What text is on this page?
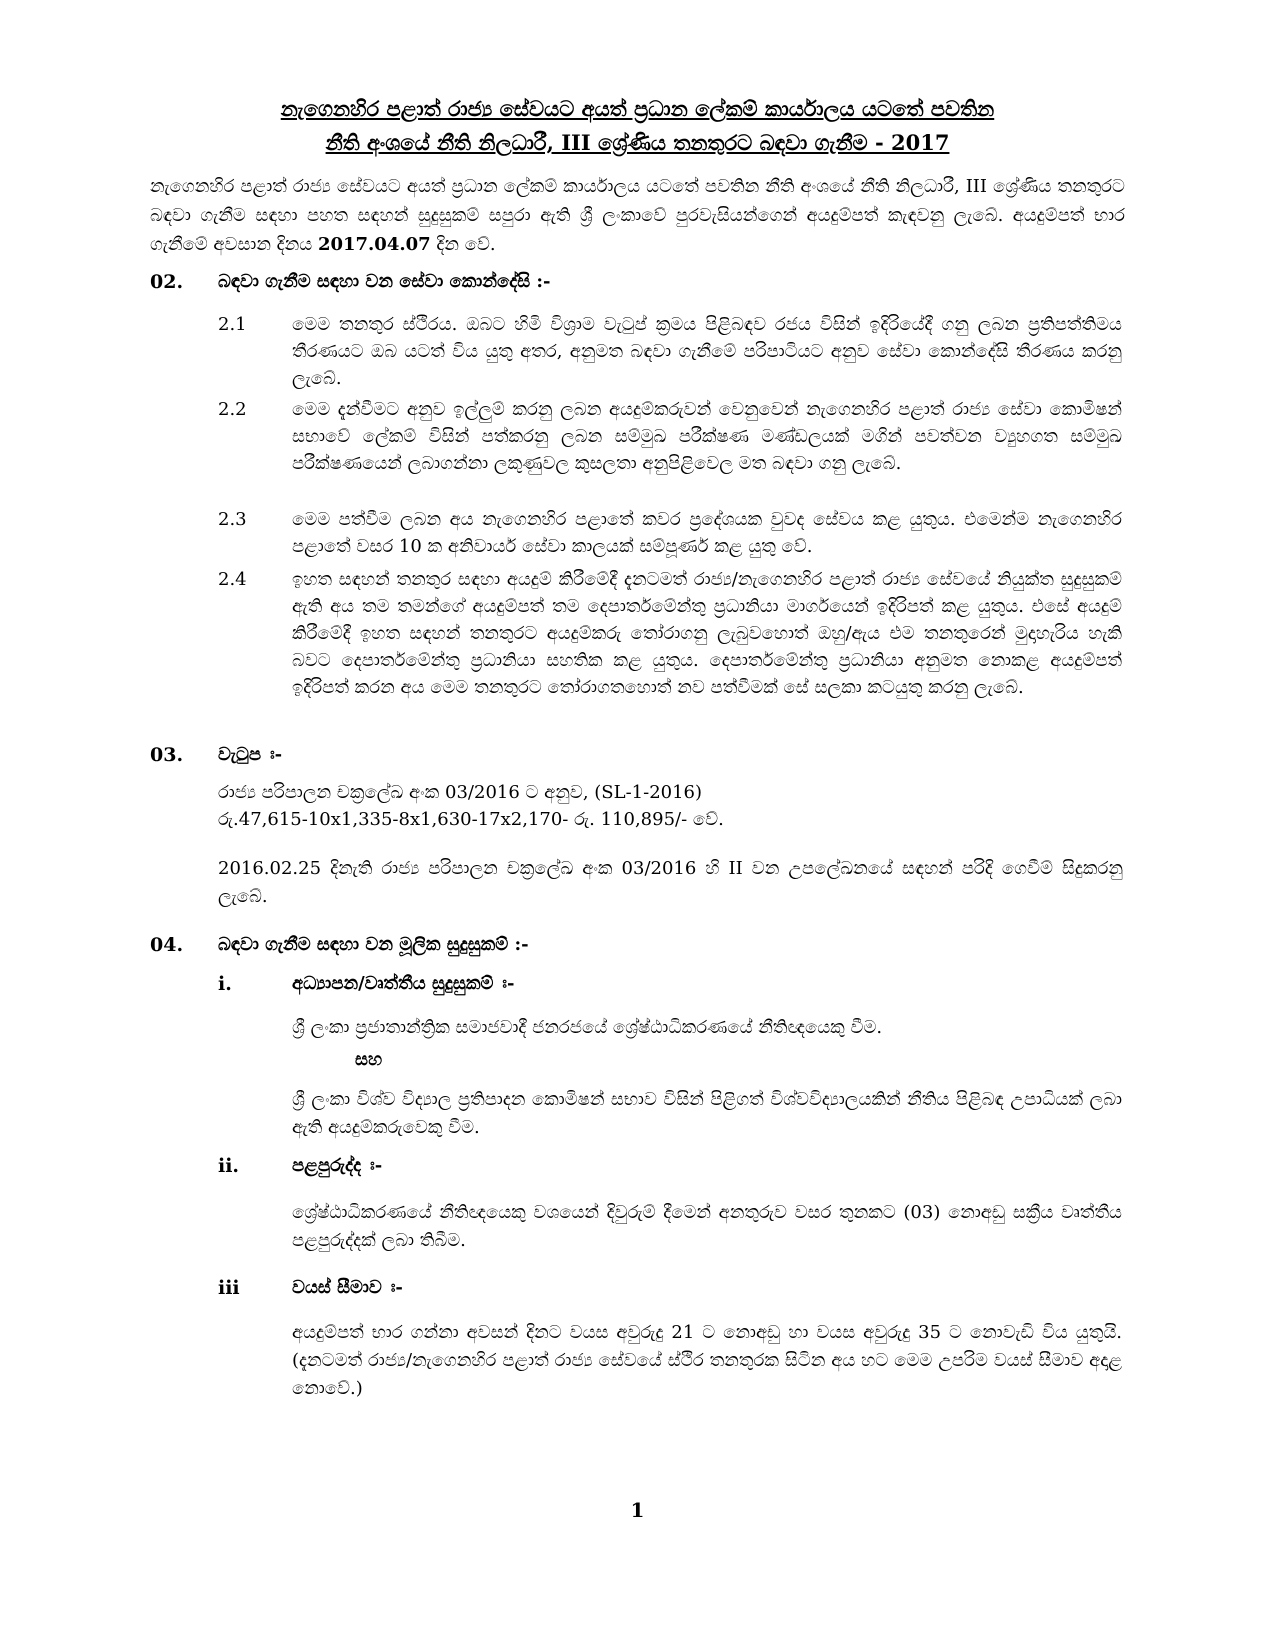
නැගෙනහිර පළාත් රාජ්‍ය සේවයට අයත් ප්‍රධාන ලේකම් කාර්යාලය යටතේ පවතින
නීති අංශයේ නීති නිලධාරී, III ශ්‍රේණිය තනතුරට බඳවා ගැනීම - 2017
නැගෙනහිර පළාත් රාජ්‍ය සේවයට අයත් ප්‍රධාන ලේකම් කාර්යාලය යටතේ පවතින නීති අංශයේ නීති නිලධාරී, III ශ්‍රේණිය තනතුරට බඳවා ගැනීම සඳහා පහත සඳහන් සුදුසුකම් සපුරා ඇති ශ්‍රී ලංකාවේ පුරවැසියන්ගෙන් අයදුම්පත් කැඳවනු ලැබේ. අයදුම්පත් භාර ගැනීමේ අවසාන දිනය 2017.04.07 දින වේ.
02. බඳවා ගැනීම සඳහා වන සේවා කොන්දේසි :-
2.1	මෙම තනතුර ස්ථිරය. ඔබට හිමි විශ්‍රාම වැටුප් ක්‍රමය පිළිබඳව රජය විසින් ඉදිරියේදී ගනු ලබන ප්‍රතිපත්තිමය තීරණයට ඔබ යටත් විය යුතු අතර, අනුමත බඳවා ගැනීමේ පරිපාටියට අනුව සේවා කොන්දේසි තීරණය කරනු ලැබේ.
2.2	මෙම දැන්වීමට අනුව ඉල්ලුම් කරනු ලබන අයදුම්කරුවන් වෙනුවෙන් නැගෙනහිර පළාත් රාජ්‍ය සේවා කොමිෂන් සභාවේ ලේකම් විසින් පත්කරනු ලබන සම්මුඛ පරීක්ෂණ මණ්ඩලයක් මගින් පවත්වන ව්‍යුහගත සම්මුඛ පරීක්ෂණයෙන් ලබාගන්නා ලකුණුවල කුසලතා අනුපිළිවෙල මත බඳවා ගනු ලැබේ.
2.3	මෙම පත්වීම ලබන අය නැගෙනහිර පළාතේ කවර ප්‍රදේශයක වුවද සේවය කළ යුතුය. එමෙන්ම නැගෙනහිර පළාතේ වසර 10 ක අනිවාර්ය සේවා කාලයක් සම්පූර්ණ කළ යුතු වේ.
2.4	ඉහත සඳහන් තනතුර සඳහා අයදුම් කිරීමේදී දැනටමත් රාජ්‍ය/නැගෙනහිර පළාත් රාජ්‍ය සේවයේ නියුක්ත සුදුසුකම් ඇති අය තම තමන්ගේ අයදුම්පත් තම දෙපාර්තමේන්තු ප්‍රධානියා මාර්ගයෙන් ඉදිරිපත් කළ යුතුය. එසේ අයදුම් කිරීමේදී ඉහත සඳහන් තනතුරට අයදුම්කරු තෝරාගනු ලැබුවහොත් ඔහු/ඇය එම තනතුරෙන් මුදාහැරිය හැකි බවට දෙපාර්තමේන්තු ප්‍රධානියා සහතික කළ යුතුය. දෙපාර්තමේන්තු ප්‍රධානියා අනුමත නොකළ අයදුම්පත් ඉදිරිපත් කරන අය මෙම තනතුරට තෝරාගතහොත් නව පත්වීමක් සේ සලකා කටයුතු කරනු ලැබේ.
03. වැටුප ඃ-
රාජ්‍ය පරිපාලන චක්‍රලේඛ අංක 03/2016 ට අනුව, (SL-1-2016)
රු.47,615-10x1,335-8x1,630-17x2,170- රු. 110,895/- වේ.
2016.02.25 දිනැති රාජ්‍ය පරිපාලන චක්‍රලේඛ අංක 03/2016 හි II වන උපලේඛනයේ සඳහන් පරිදි ගෙවීම් සිදුකරනු ලැබේ.
04. බඳවා ගැනීම සඳහා වන මූලික සුදුසුකම් :-
i.	අධ්‍යාපන/වෘත්තීය සුදුසුකම් ඃ-
ශ්‍රී ලංකා ප්‍රජාතාන්ත්‍රික සමාජවාදී ජනරජයේ ශ්‍රේෂ්ඨාධිකරණයේ නීතිඥයෙකු වීම.
සහ
ශ්‍රී ලංකා විශ්ව විද්‍යාල ප්‍රතිපාදන කොමිෂන් සභාව විසින් පිළිගත් විශ්වවිද්‍යාලයකින් නීතිය පිළිබඳ උපාධියක් ලබා ඇති අයදුම්කරුවෙකු වීම.
ii.	පළපුරුද්ද ඃ-
ශ්‍රේෂ්ඨාධිකරණයේ නීතිඥයෙකු වශයෙන් දිවුරුම් දීමෙන් අනතුරුව වසර තුනකට (03) නොඅඩු සක්‍රීය වෘත්තීය පළපුරුද්දක් ලබා තිබීම.
iii	වයස් සීමාව ඃ-
අයදුම්පත් භාර ගන්නා අවසන් දිනට වයස අවුරුදු 21 ට නොඅඩු හා වයස අවුරුදු 35 ට නොවැඩි විය යුතුයි. (දැනටමත් රාජ්‍ය/නැගෙනහිර පළාත් රාජ්‍ය සේවයේ ස්ථිර තනතුරක සිටින අය හට මෙම උපරිම වයස් සීමාව අදාළ නොවේ.)
1
